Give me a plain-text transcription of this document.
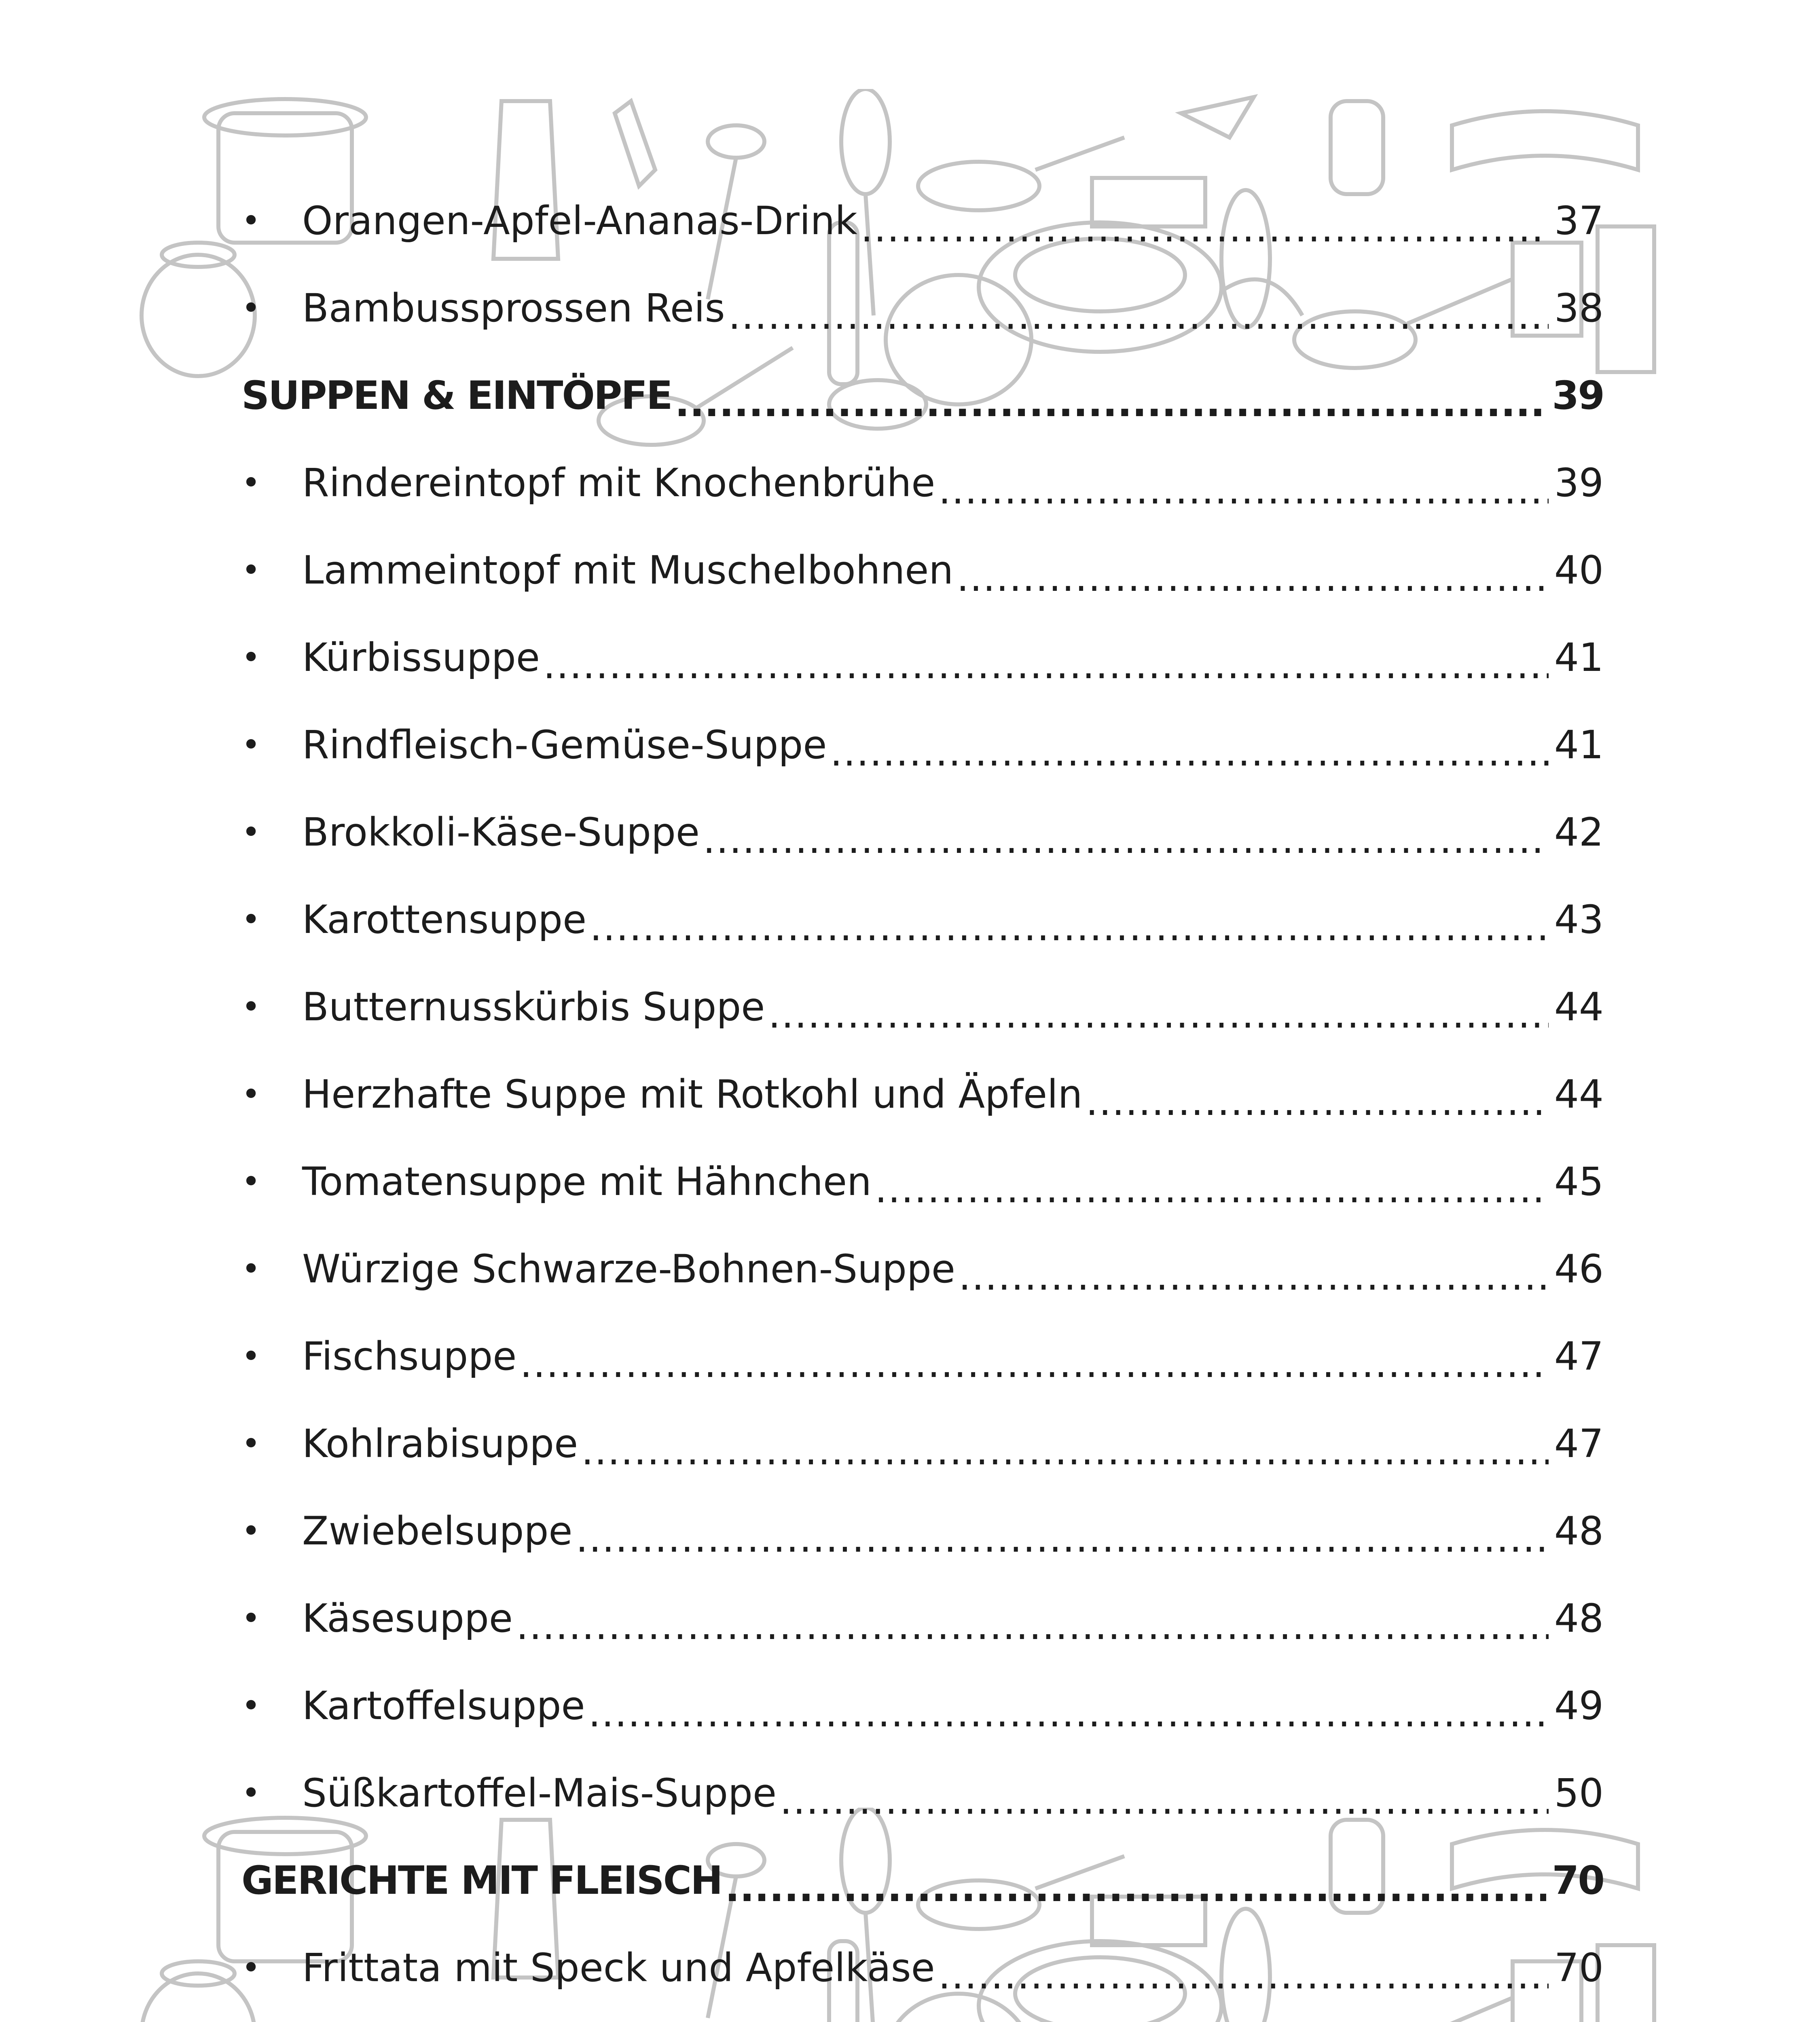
•	Orangen-Apfel-Ananas-Drink .....	37
•	Bambussprossen Reis .....	38
SUPPEN & EINTÖPFE .....	39
•	Rindereintopf mit Knochenbrühe .....	39
•	Lammeintopf mit Muschelbohnen .....	40
•	Kürbissuppe .....	41
•	Rindfleisch-Gemüse-Suppe .....	41
•	Brokkoli-Käse-Suppe .....	42
•	Karottensuppe .....	43
•	Butternusskürbis Suppe .....	44
•	Herzhafte Suppe mit Rotkohl und Äpfeln .....	44
•	Tomatensuppe mit Hähnchen .....	45
•	Würzige Schwarze-Bohnen-Suppe .....	46
•	Fischsuppe .....	47
•	Kohlrabisuppe .....	47
•	Zwiebelsuppe .....	48
•	Käsesuppe .....	48
•	Kartoffelsuppe .....	49
•	Süßkartoffel-Mais-Suppe .....	50
GERICHTE MIT FLEISCH .....	70
•	Frittata mit Speck und Apfelkäse .....	70
